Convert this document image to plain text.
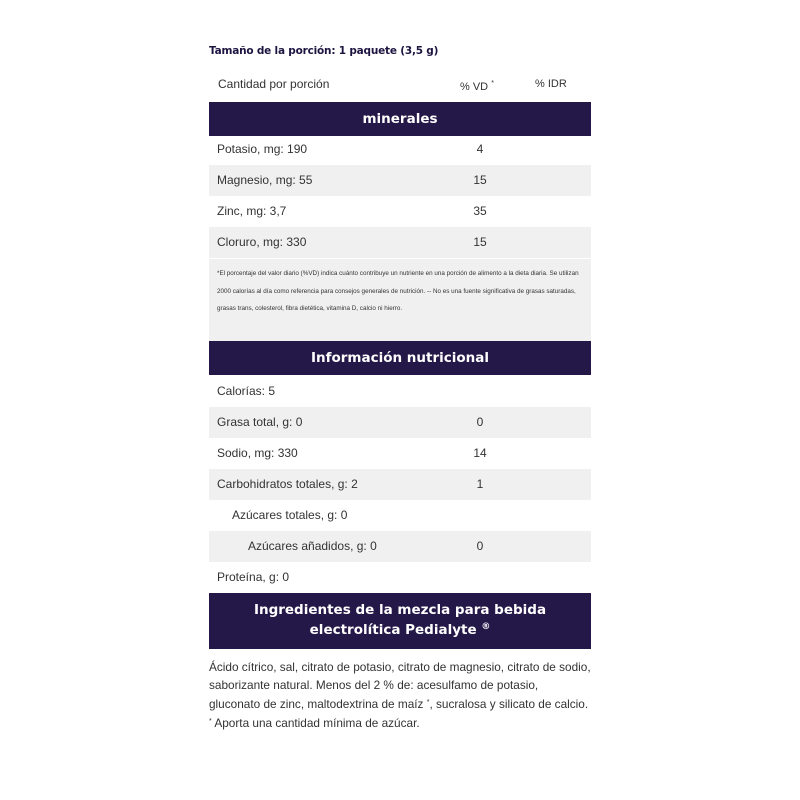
Tamaño de la porción: 1 paquete (3,5 g)
Cantidad por porción	% VD *	% IDR
minerales
Potasio, mg: 190	4
Magnesio, mg: 55	15
Zinc, mg: 3,7	35
Cloruro, mg: 330	15
*El porcentaje del valor diario (%VD) indica cuánto contribuye un nutriente en una porción de alimento a la dieta diaria. Se utilizan 2000 calorías al día como referencia para consejos generales de nutrición. -- No es una fuente significativa de grasas saturadas, grasas trans, colesterol, fibra dietética, vitamina D, calcio ni hierro.
Información nutricional
Calorías: 5
Grasa total, g: 0	0
Sodio, mg: 330	14
Carbohidratos totales, g: 2	1
Azúcares totales, g: 0
Azúcares añadidos, g: 0	0
Proteína, g: 0
Ingredientes de la mezcla para bebida
electrolítica Pedialyte ®
Ácido cítrico, sal, citrato de potasio, citrato de magnesio, citrato de sodio, saborizante natural. Menos del 2 % de: acesulfamo de potasio, gluconato de zinc, maltodextrina de maíz *, sucralosa y silicato de calcio.
* Aporta una cantidad mínima de azúcar.
